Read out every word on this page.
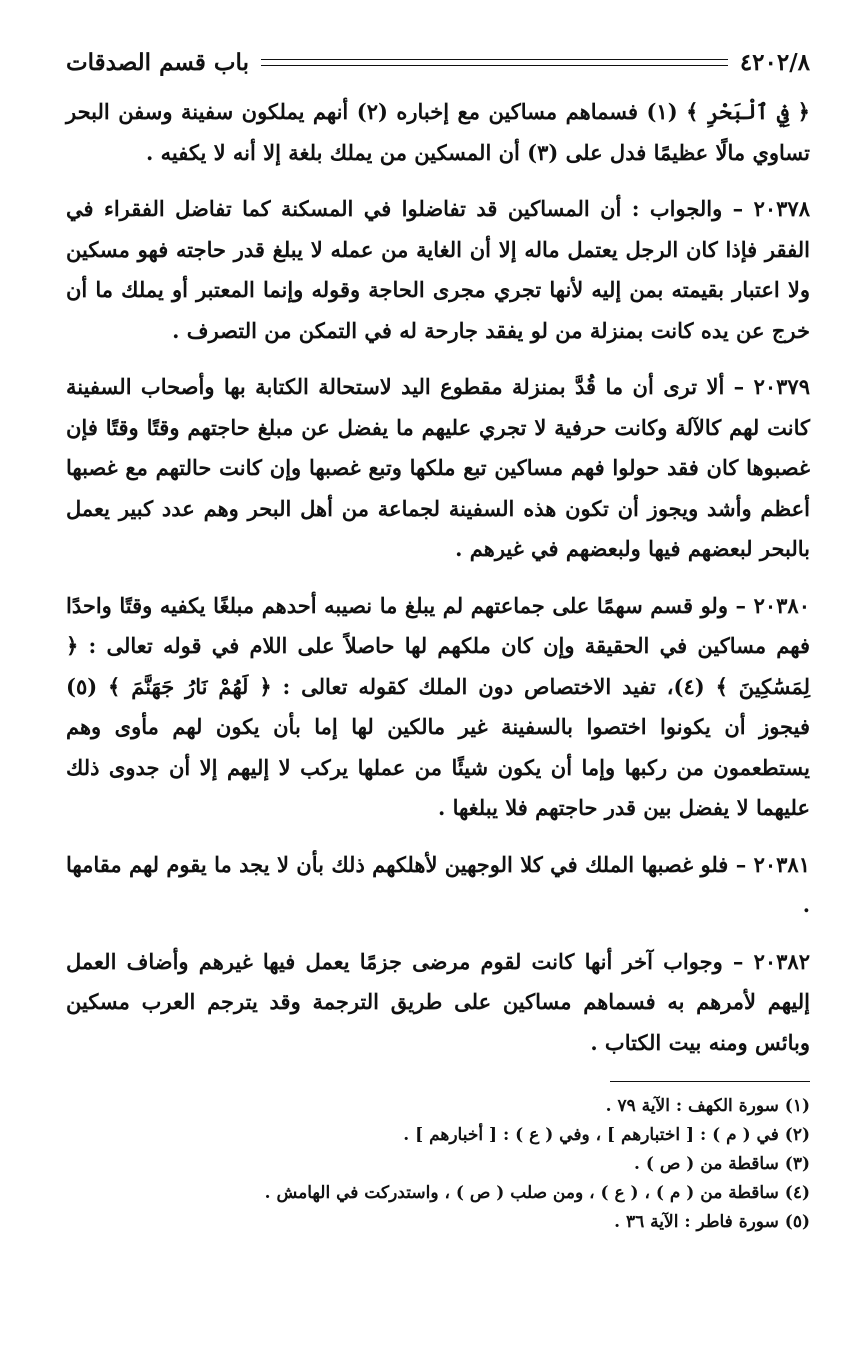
٤٢٠٢/٨
باب قسم الصدقات

﴿ فِي ٱلْبَحْرِ ﴾ (١) فسماهم مساكين مع إخباره (٢) أنهم يملكون سفينة وسفن البحر تساوي مالًا عظيمًا فدل على (٣) أن المسكين من يملك بلغة إلا أنه لا يكفيه .

٢٠٣٧٨ – والجواب : أن المساكين قد تفاضلوا في المسكنة كما تفاضل الفقراء في الفقر فإذا كان الرجل يعتمل ماله إلا أن الغاية من عمله لا يبلغ قدر حاجته فهو مسكين ولا اعتبار بقيمته بمن إليه لأنها تجري مجرى الحاجة وقوله وإنما المعتبر أو يملك ما أن خرج عن يده كانت بمنزلة من لو يفقد جارحة له في التمكن من التصرف .

٢٠٣٧٩ – ألا ترى أن ما قُدَّ بمنزلة مقطوع اليد لاستحالة الكتابة بها وأصحاب السفينة كانت لهم كالآلة وكانت حرفية لا تجري عليهم ما يفضل عن مبلغ حاجتهم وقتًا وقتًا فإن غصبوها كان فقد حولوا فهم مساكين تبع ملكها وتبع غصبها وإن كانت حالتهم مع غصبها أعظم وأشد ويجوز أن تكون هذه السفينة لجماعة من أهل البحر وهم عدد كبير يعمل بالبحر لبعضهم فيها ولبعضهم في غيرهم .

٢٠٣٨٠ – ولو قسم سهمًا على جماعتهم لم يبلغ ما نصيبه أحدهم مبلغًا يكفيه وقتًا واحدًا فهم مساكين في الحقيقة وإن كان ملكهم لها حاصلاً على اللام في قوله تعالى : ﴿ لِمَسَٰكِينَ ﴾ (٤)، تفيد الاختصاص دون الملك كقوله تعالى : ﴿ لَهُمْ نَارُ جَهَنَّمَ ﴾ (٥) فيجوز أن يكونوا اختصوا بالسفينة غير مالكين لها إما بأن يكون لهم مأوى وهم يستطعمون من ركبها وإما أن يكون شيئًا من عملها يركب لا إليهم إلا أن جدوى ذلك عليهما لا يفضل بين قدر حاجتهم فلا يبلغها .

٢٠٣٨١ – فلو غصبها الملك في كلا الوجهين لأهلكهم ذلك بأن لا يجد ما يقوم لهم مقامها .

٢٠٣٨٢ – وجواب آخر أنها كانت لقوم مرضى جزمًا يعمل فيها غيرهم وأضاف العمل إليهم لأمرهم به فسماهم مساكين على طريق الترجمة وقد يترجم العرب مسكين وبائس ومنه بيت الكتاب .

(١) سورة الكهف : الآية ٧٩ .
(٢) في ( م ) : [ اختبارهم ] ، وفي ( ع ) : [ أخبارهم ] .
(٣) ساقطة من ( ص ) .
(٤) ساقطة من ( م ) ، ( ع ) ، ومن صلب ( ص ) ، واستدركت في الهامش .
(٥) سورة فاطر : الآية ٣٦ .
